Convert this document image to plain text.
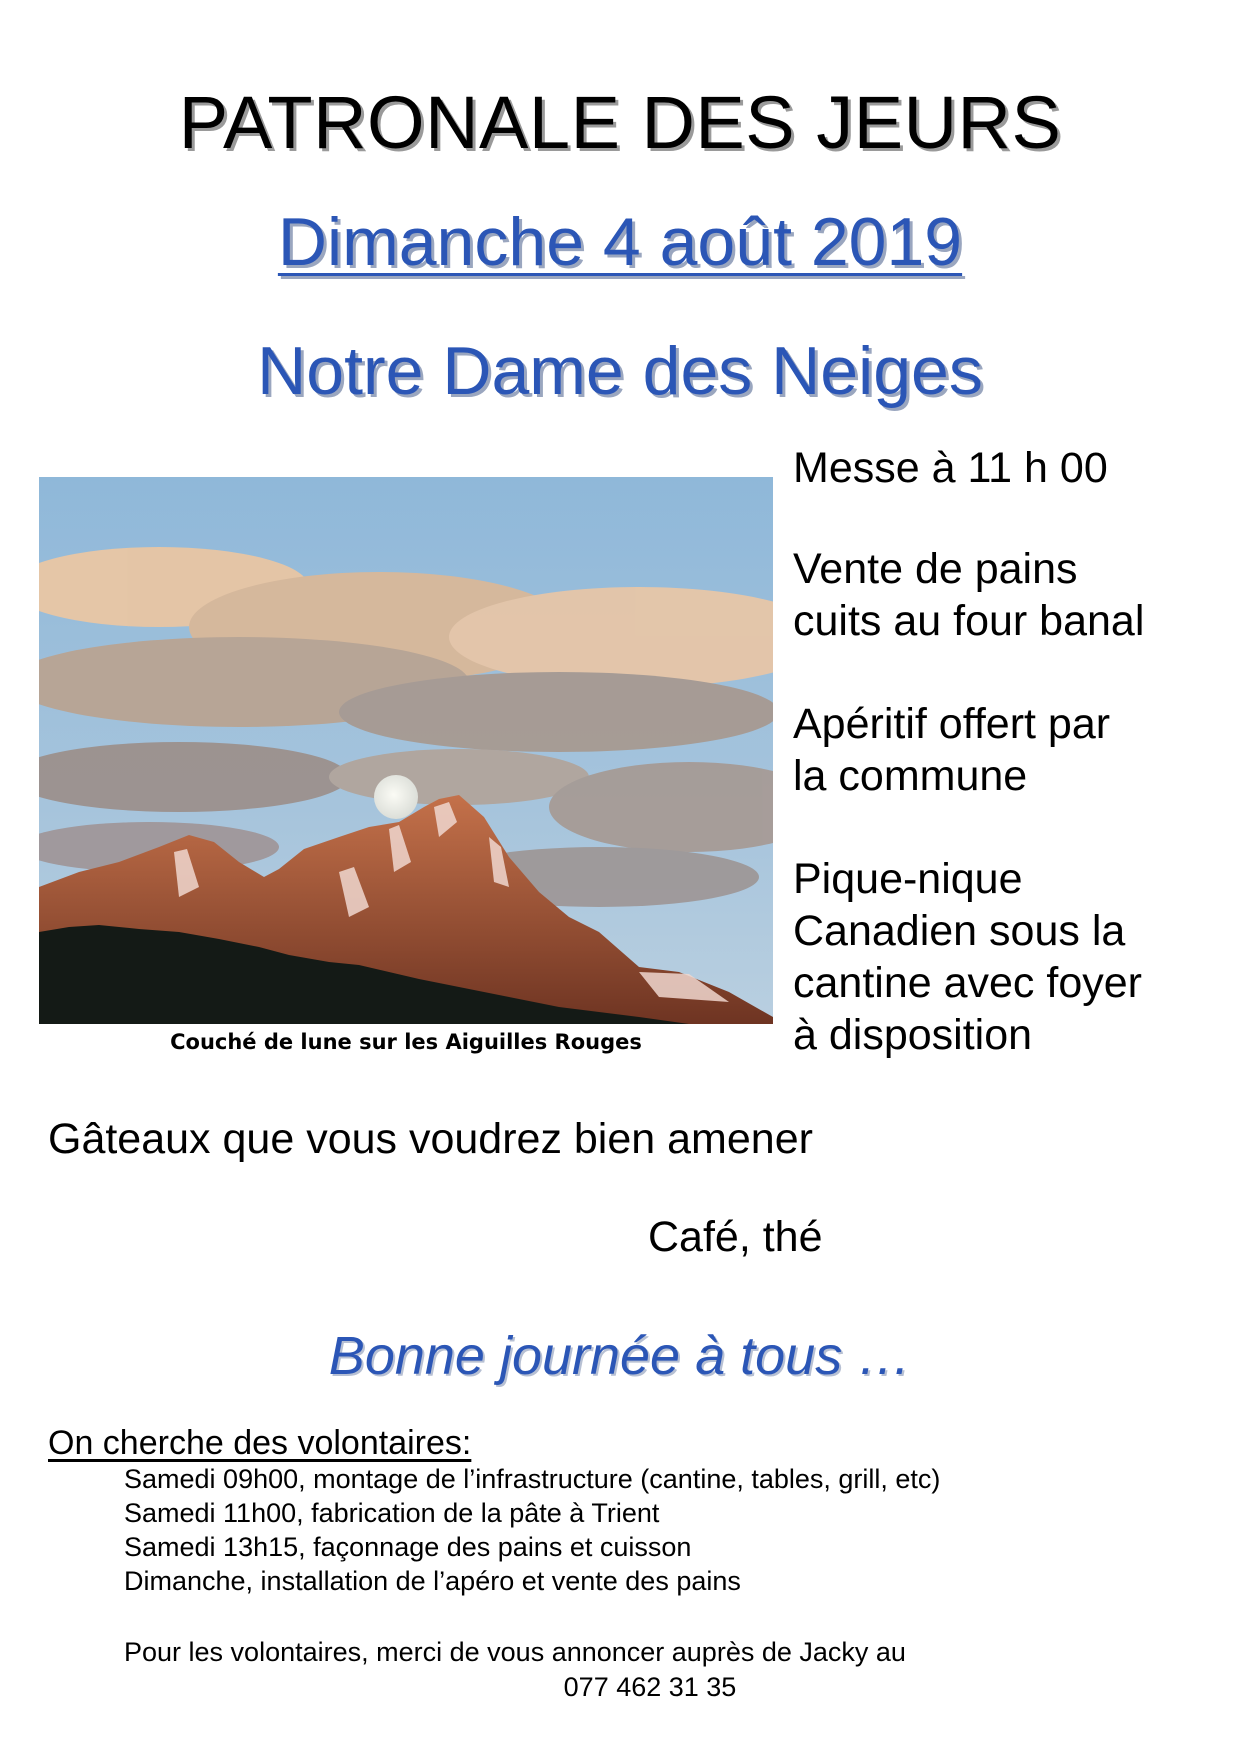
PATRONALE DES JEURS
Dimanche 4 août 2019
Notre Dame des Neiges
Couché de lune sur les Aiguilles Rouges
Messe à 11 h 00
Vente de pains
cuits au four banal
Apéritif offert par
la commune
Pique-nique
Canadien sous la
cantine avec foyer
à disposition
Gâteaux que vous voudrez bien amener
Café, thé
Bonne journée à tous …
On cherche des volontaires:
Samedi 09h00, montage de l’infrastructure (cantine, tables, grill, etc)
Samedi 11h00, fabrication de la pâte à Trient
Samedi 13h15, façonnage des pains et cuisson
Dimanche, installation de l’apéro et vente des pains
Pour les volontaires, merci de vous annoncer auprès de Jacky au
077 462 31 35
